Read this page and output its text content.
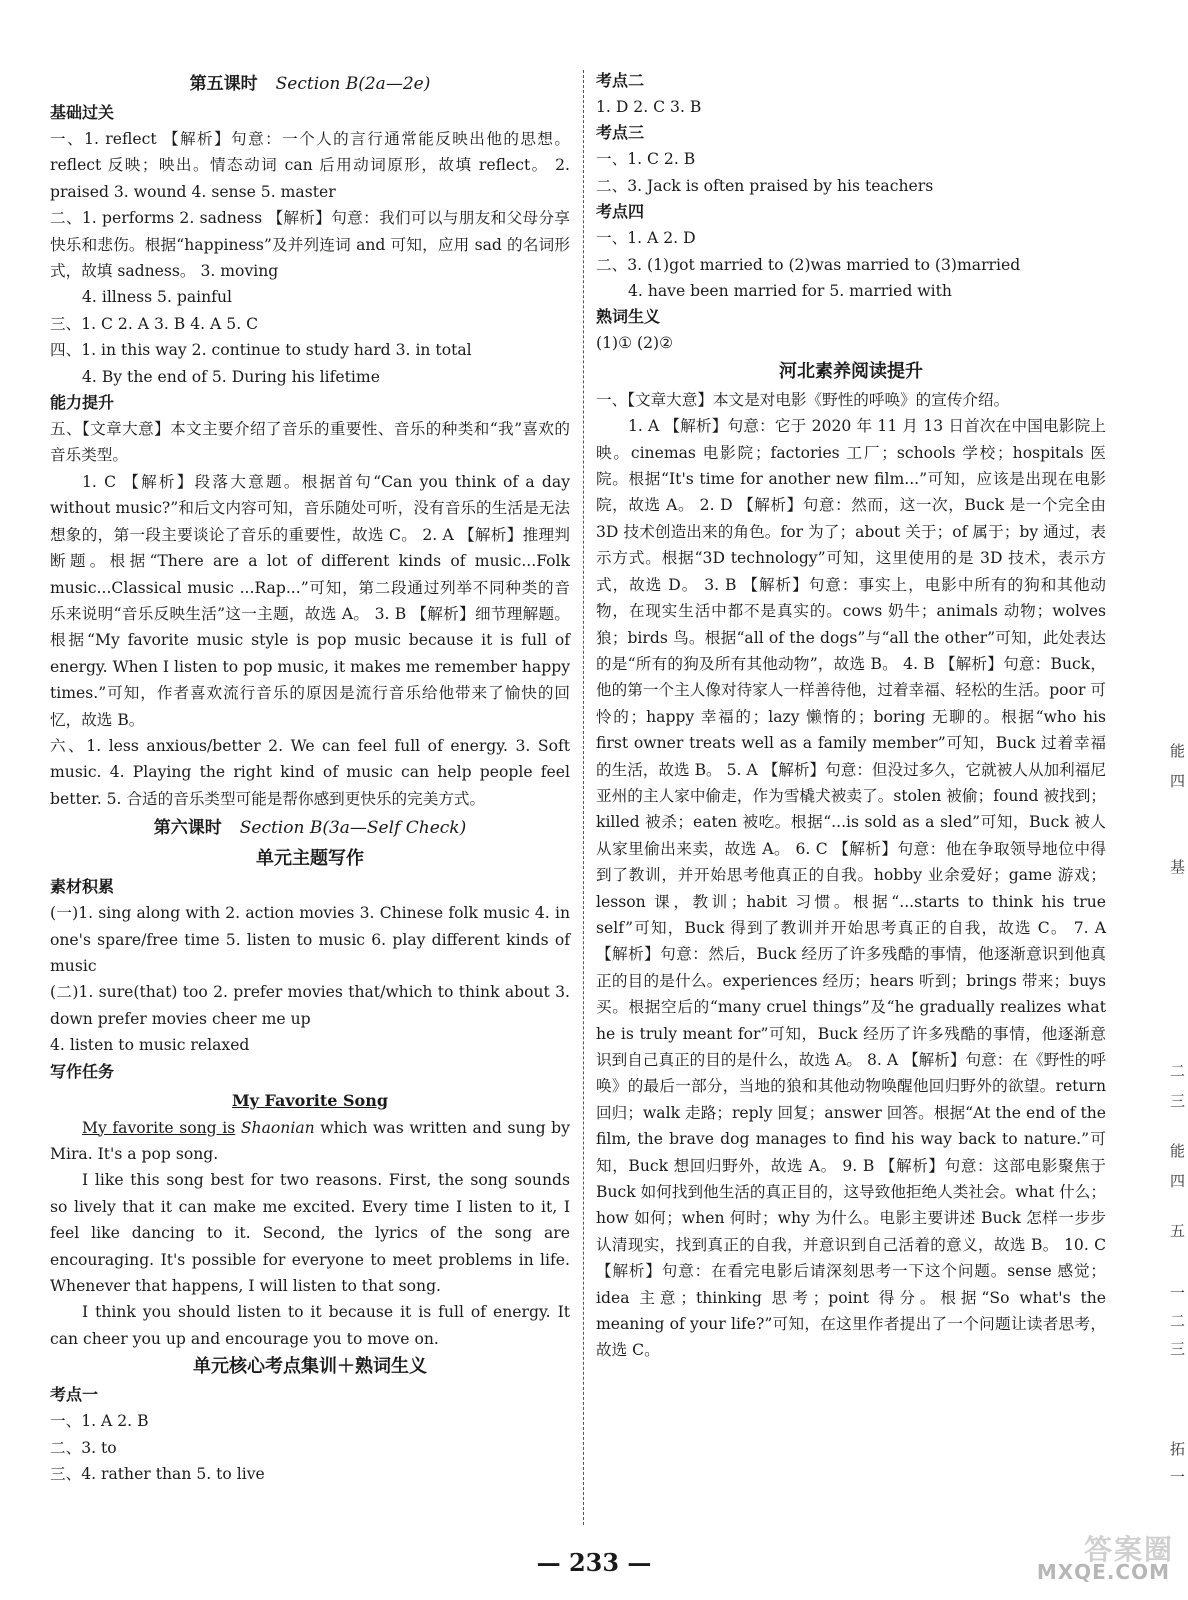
第五课时 Section B(2a—2e)

基础过关

一、1. reflect 【解析】句意：一个人的言行通常能反映出他的思想。reflect 反映；映出。情态动词 can 后用动词原形，故填 reflect。 2. praised 3. wound 4. sense 5. master

二、1. performs 2. sadness 【解析】句意：我们可以与朋友和父母分享快乐和悲伤。根据“happiness”及并列连词 and 可知，应用 sad 的名词形式，故填 sadness。 3. moving

4. illness 5. painful

三、1. C 2. A 3. B 4. A 5. C

四、1. in this way 2. continue to study hard 3. in total

4. By the end of 5. During his lifetime

能力提升

五、【文章大意】本文主要介绍了音乐的重要性、音乐的种类和“我”喜欢的音乐类型。

1. C 【解析】段落大意题。根据首句“Can you think of a day without music?”和后文内容可知，音乐随处可听，没有音乐的生活是无法想象的，第一段主要谈论了音乐的重要性，故选 C。 2. A 【解析】推理判断题。根据“There are a lot of different kinds of music...Folk music...Classical music ...Rap...”可知，第二段通过列举不同种类的音乐来说明“音乐反映生活”这一主题，故选 A。 3. B 【解析】细节理解题。根据“My favorite music style is pop music because it is full of energy. When I listen to pop music, it makes me remember happy times.”可知，作者喜欢流行音乐的原因是流行音乐给他带来了愉快的回忆，故选 B。

六、1. less anxious/better 2. We can feel full of energy. 3. Soft music. 4. Playing the right kind of music can help people feel better. 5. 合适的音乐类型可能是帮你感到更快乐的完美方式。

第六课时 Section B(3a—Self Check)

单元主题写作

素材积累

(一)1. sing along with 2. action movies 3. Chinese folk music 4. in one's spare/free time 5. listen to music 6. play different kinds of music

(二)1. sure(that) too 2. prefer movies that/which to think about 3. down prefer movies cheer me up

4. listen to music relaxed

写作任务

My Favorite Song

My favorite song is Shaonian which was written and sung by Mira. It's a pop song.

I like this song best for two reasons. First, the song sounds so lively that it can make me excited. Every time I listen to it, I feel like dancing to it. Second, the lyrics of the song are encouraging. It's possible for everyone to meet problems in life. Whenever that happens, I will listen to that song.

I think you should listen to it because it is full of energy. It can cheer you up and encourage you to move on.

单元核心考点集训＋熟词生义

考点一

一、1. A 2. B

二、3. to

三、4. rather than 5. to live

考点二

1. D 2. C 3. B

考点三

一、1. C 2. B

二、3. Jack is often praised by his teachers

考点四

一、1. A 2. D

二、3. (1)got married to (2)was married to (3)married

4. have been married for 5. married with

熟词生义

(1)① (2)②

河北素养阅读提升

一、【文章大意】本文是对电影《野性的呼唤》的宣传介绍。

1. A 【解析】句意：它于 2020 年 11 月 13 日首次在中国电影院上映。cinemas 电影院；factories 工厂；schools 学校；hospitals 医院。根据“It's time for another new film...”可知，应该是出现在电影院，故选 A。 2. D 【解析】句意：然而，这一次，Buck 是一个完全由 3D 技术创造出来的角色。for 为了；about 关于；of 属于；by 通过，表示方式。根据“3D technology”可知，这里使用的是 3D 技术，表示方式，故选 D。 3. B 【解析】句意：事实上，电影中所有的狗和其他动物，在现实生活中都不是真实的。cows 奶牛；animals 动物；wolves 狼；birds 鸟。根据“all of the dogs”与“all the other”可知，此处表达的是“所有的狗及所有其他动物”，故选 B。 4. B 【解析】句意：Buck，他的第一个主人像对待家人一样善待他，过着幸福、轻松的生活。poor 可怜的；happy 幸福的；lazy 懒惰的；boring 无聊的。根据“who his first owner treats well as a family member”可知，Buck 过着幸福的生活，故选 B。 5. A 【解析】句意：但没过多久，它就被人从加利福尼亚州的主人家中偷走，作为雪橇犬被卖了。stolen 被偷；found 被找到；killed 被杀；eaten 被吃。根据“...is sold as a sled”可知，Buck 被人从家里偷出来卖，故选 A。 6. C 【解析】句意：他在争取领导地位中得到了教训，并开始思考他真正的自我。hobby 业余爱好；game 游戏；lesson 课，教训；habit 习惯。根据“...starts to think his true self”可知，Buck 得到了教训并开始思考真正的自我，故选 C。 7. A 【解析】句意：然后，Buck 经历了许多残酷的事情，他逐渐意识到他真正的目的是什么。experiences 经历；hears 听到；brings 带来；buys 买。根据空后的“many cruel things”及“he gradually realizes what he is truly meant for”可知，Buck 经历了许多残酷的事情，他逐渐意识到自己真正的目的是什么，故选 A。 8. A 【解析】句意：在《野性的呼唤》的最后一部分，当地的狼和其他动物唤醒他回归野外的欲望。return 回归；walk 走路；reply 回复；answer 回答。根据“At the end of the film, the brave dog manages to find his way back to nature.”可知，Buck 想回归野外，故选 A。 9. B 【解析】句意：这部电影聚焦于 Buck 如何找到他生活的真正目的，这导致他拒绝人类社会。what 什么；how 如何；when 何时；why 为什么。电影主要讲述 Buck 怎样一步步认清现实，找到真正的自我，并意识到自己活着的意义，故选 B。 10. C 【解析】句意：在看完电影后请深刻思考一下这个问题。sense 感觉；idea 主意；thinking 思考；point 得分。根据“So what's the meaning of your life?”可知，在这里作者提出了一个问题让读者思考，故选 C。

能
四
基
二
三
能
四
五
一
二
三
拓
一
— 233 —	答案圈
MXQE.COM
